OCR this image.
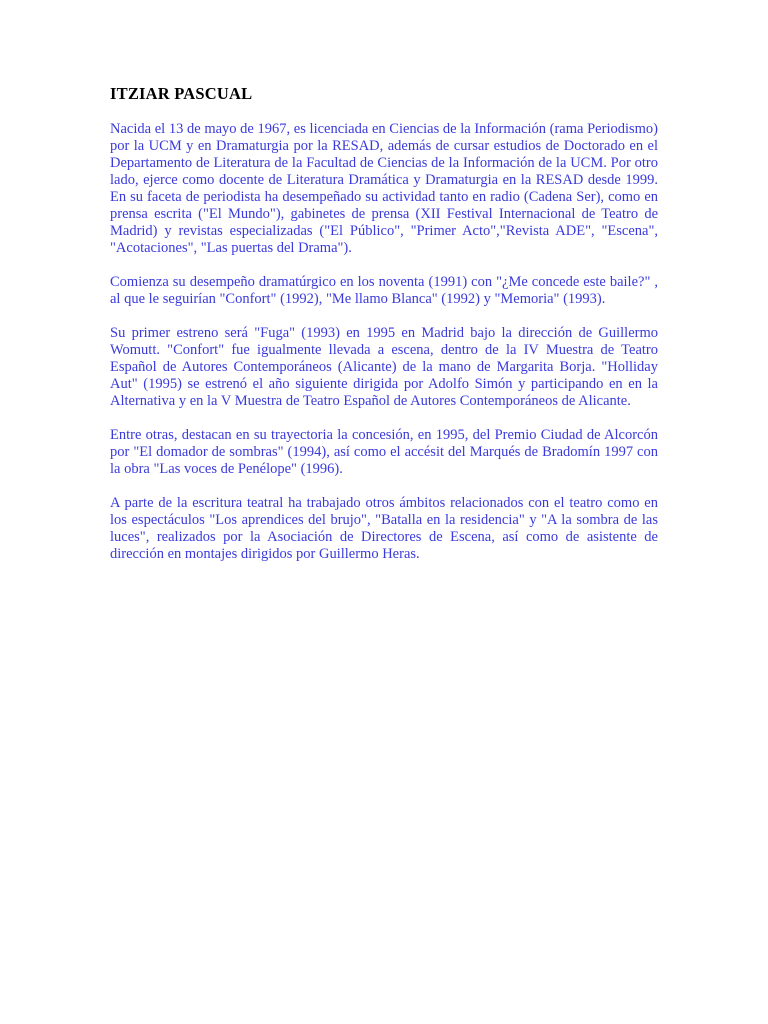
ITZIAR PASCUAL

Nacida el 13 de mayo de 1967, es licenciada en Ciencias de la Información (rama Periodismo) por la UCM y en Dramaturgia por la RESAD, además de cursar estudios de Doctorado en el Departamento de Literatura de la Facultad de Ciencias de la Información de la UCM. Por otro lado, ejerce como docente de Literatura Dramática y Dramaturgia en la RESAD desde 1999. En su faceta de periodista ha desempeñado su actividad tanto en radio (Cadena Ser), como en prensa escrita ("El Mundo"), gabinetes de prensa (XII Festival Internacional de Teatro de Madrid) y revistas especializadas ("El Público", "Primer Acto","Revista ADE", "Escena", "Acotaciones", "Las puertas del Drama").

Comienza su desempeño dramatúrgico en los noventa (1991) con "¿Me concede este baile?" , al que le seguirían "Confort" (1992), "Me llamo Blanca" (1992) y "Memoria" (1993).

Su primer estreno será "Fuga" (1993) en 1995 en Madrid bajo la dirección de Guillermo Womutt. "Confort" fue igualmente llevada a escena, dentro de la IV Muestra de Teatro Español de Autores Contemporáneos (Alicante) de la mano de Margarita Borja. "Holliday Aut" (1995) se estrenó el año siguiente dirigida por Adolfo Simón y participando en en la Alternativa y en la V Muestra de Teatro Español de Autores Contemporáneos de Alicante.

Entre otras, destacan en su trayectoria la concesión, en 1995, del Premio Ciudad de Alcorcón por "El domador de sombras" (1994), así como el accésit del Marqués de Bradomín 1997 con la obra "Las voces de Penélope" (1996).

A parte de la escritura teatral ha trabajado otros ámbitos relacionados con el teatro como en los espectáculos "Los aprendices del brujo", "Batalla en la residencia" y "A la sombra de las luces", realizados por la Asociación de Directores de Escena, así como de asistente de dirección en montajes dirigidos por Guillermo Heras.
